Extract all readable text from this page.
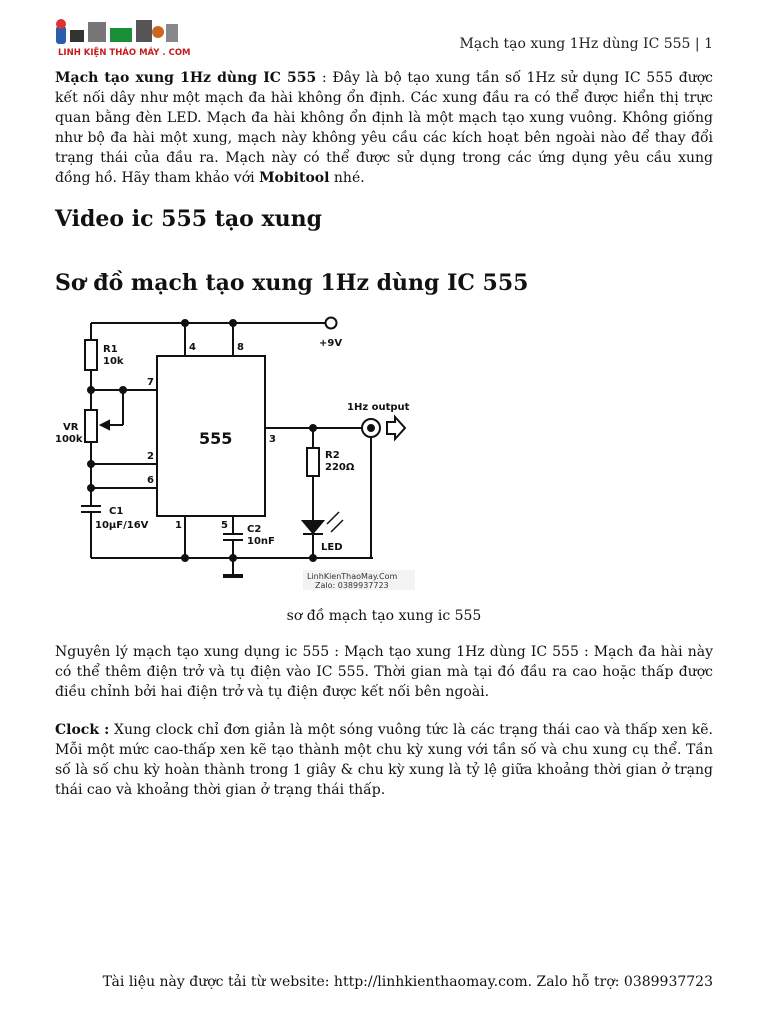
LINH KIỆN THÁO MÁY . COM
Mạch tạo xung 1Hz dùng IC 555 | 1

Mạch tạo xung 1Hz dùng IC 555 : Đây là bộ tạo xung tần số 1Hz sử dụng IC 555 được kết nối dây như một mạch đa hài không ổn định. Các xung đầu ra có thể được hiển thị trực quan bằng đèn LED. Mạch đa hài không ổn định là một mạch tạo xung vuông. Không giống như bộ đa hài một xung, mạch này không yêu cầu các kích hoạt bên ngoài nào để thay đổi trạng thái của đầu ra. Mạch này có thể được sử dụng trong các ứng dụng yêu cầu xung đồng hồ. Hãy tham khảo với Mobitool nhé.

Video ic 555 tạo xung
Sơ đồ mạch tạo xung 1Hz dùng IC 555
+9V
4	8
555
R1
10k
7
VR
100k
2
6
C1
10µF/16V	1	5 C2
10nF
3
1Hz output
R2
220Ω
LED
LinhKienThaoMay.Com
Zalo: 0389937723

sơ đồ mạch tạo xung ic 555

Nguyên lý mạch tạo xung dụng ic 555 : Mạch tạo xung 1Hz dùng IC 555 : Mạch đa hài này có thể thêm điện trở và tụ điện vào IC 555. Thời gian mà tại đó đầu ra cao hoặc thấp được điều chỉnh bởi hai điện trở và tụ điện được kết nối bên ngoài.

Clock : Xung clock chỉ đơn giản là một sóng vuông tức là các trạng thái cao và thấp xen kẽ. Mỗi một mức cao-thấp xen kẽ tạo thành một chu kỳ xung với tần số và chu xung cụ thể. Tần số là số chu kỳ hoàn thành trong 1 giây & chu kỳ xung là tỷ lệ giữa khoảng thời gian ở trạng thái cao và khoảng thời gian ở trạng thái thấp.

Tài liệu này được tải từ website: http://linhkienthaomay.com. Zalo hỗ trợ: 0389937723
